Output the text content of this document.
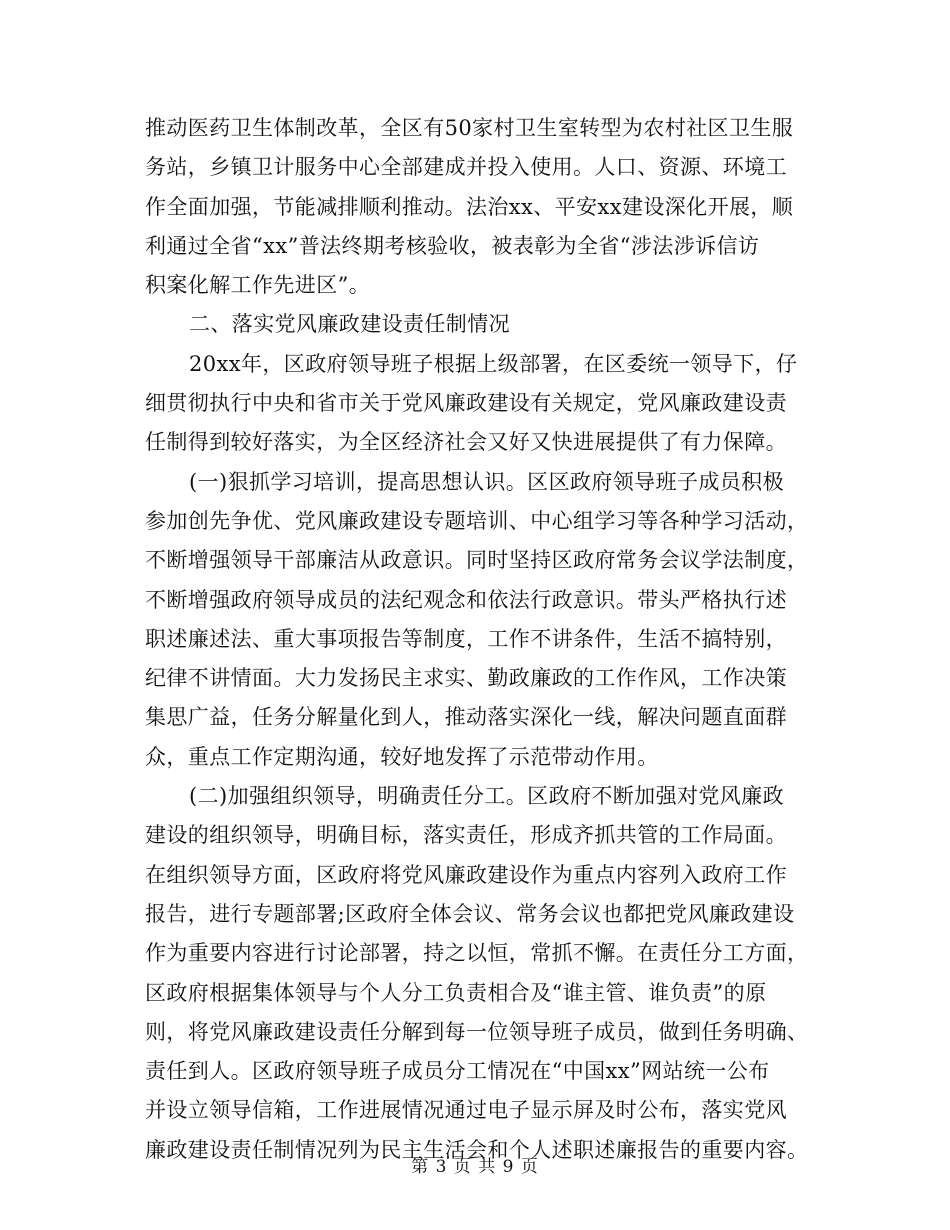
推动医药卫生体制改革，全区有50家村卫生室转型为农村社区卫生服
务站，乡镇卫计服务中心全部建成并投入使用。人口、资源、环境工
作全面加强，节能减排顺利推动。法治xx、平安xx建设深化开展，顺
利通过全省“xx”普法终期考核验收，被表彰为全省“涉法涉诉信访
积案化解工作先进区”。
二、落实党风廉政建设责任制情况
20xx年，区政府领导班子根据上级部署，在区委统一领导下，仔
细贯彻执行中央和省市关于党风廉政建设有关规定，党风廉政建设责
任制得到较好落实，为全区经济社会又好又快进展提供了有力保障。
(一)狠抓学习培训，提高思想认识。区区政府领导班子成员积极
参加创先争优、党风廉政建设专题培训、中心组学习等各种学习活动，
不断增强领导干部廉洁从政意识。同时坚持区政府常务会议学法制度，
不断增强政府领导成员的法纪观念和依法行政意识。带头严格执行述
职述廉述法、重大事项报告等制度，工作不讲条件，生活不搞特别，
纪律不讲情面。大力发扬民主求实、勤政廉政的工作作风，工作决策
集思广益，任务分解量化到人，推动落实深化一线，解决问题直面群
众，重点工作定期沟通，较好地发挥了示范带动作用。
(二)加强组织领导，明确责任分工。区政府不断加强对党风廉政
建设的组织领导，明确目标，落实责任，形成齐抓共管的工作局面。
在组织领导方面，区政府将党风廉政建设作为重点内容列入政府工作
报告，进行专题部署;区政府全体会议、常务会议也都把党风廉政建设
作为重要内容进行讨论部署，持之以恒，常抓不懈。在责任分工方面，
区政府根据集体领导与个人分工负责相合及“谁主管、谁负责”的原
则，将党风廉政建设责任分解到每一位领导班子成员，做到任务明确、
责任到人。区政府领导班子成员分工情况在“中国xx”网站统一公布
并设立领导信箱，工作进展情况通过电子显示屏及时公布，落实党风
廉政建设责任制情况列为民主生活会和个人述职述廉报告的重要内容。
第 3 页 共 9 页
